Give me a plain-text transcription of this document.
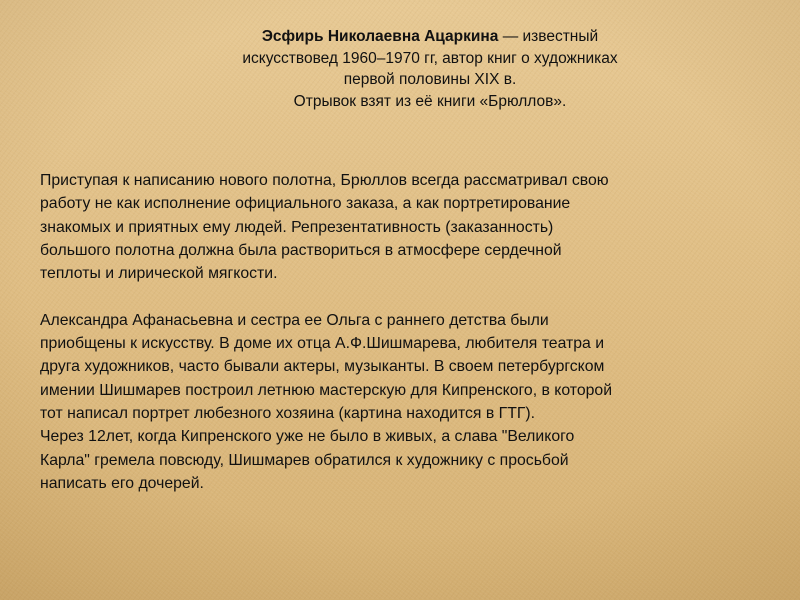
Эсфирь Николаевна Ацаркина — известный
искусствовед 1960–1970 гг, автор книг о художниках
первой половины XIX в.
Отрывок взят из её книги «Брюллов».

Приступая к написанию нового полотна, Брюллов всегда рассматривал свою
работу не как исполнение официального заказа, а как портретирование
знакомых и приятных ему людей. Репрезентативность (заказанность)
большого полотна должна была раствориться в атмосфере сердечной
теплоты и лирической мягкости.

Александра Афанасьевна и сестра ее Ольга с раннего детства были
приобщены к искусству. В доме их отца А.Ф.Шишмарева, любителя театра и
друга художников, часто бывали актеры, музыканты. В своем петербургском
имении Шишмарев построил летнюю мастерскую для Кипренского, в которой
тот написал портрет любезного хозяина (картина находится в ГТГ).
Через 12лет, когда Кипренского уже не было в живых, а слава "Великого
Карла" гремела повсюду, Шишмарев обратился к художнику с просьбой
написать его дочерей.
